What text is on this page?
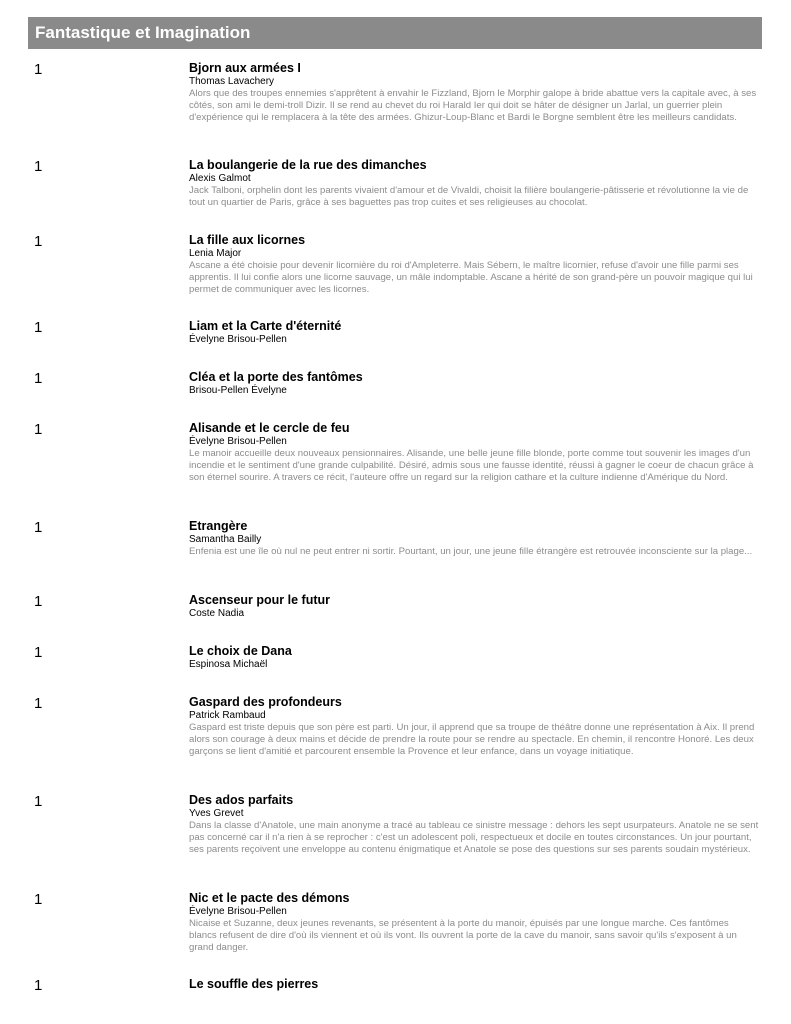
Fantastique et Imagination
1	Bjorn aux armées I
Thomas Lavachery
Alors que des troupes ennemies s'apprêtent à envahir le Fizzland, Bjorn le Morphir galope à bride abattue vers la capitale avec, à ses côtés, son ami le demi-troll Dizir. Il se rend au chevet du roi Harald Ier qui doit se hâter de désigner un Jarlal, un guerrier plein d'expérience qui le remplacera à la tête des armées. Ghizur-Loup-Blanc et Bardi le Borgne semblent être les meilleurs candidats.
1	La boulangerie de la rue des dimanches
Alexis Galmot
Jack Talboni, orphelin dont les parents vivaient d'amour et de Vivaldi, choisit la filière boulangerie-pâtisserie et révolutionne la vie de tout un quartier de Paris, grâce à ses baguettes pas trop cuites et ses religieuses au chocolat.
1	La fille aux licornes
Lenia Major
Ascane a été choisie pour devenir licornière du roi d'Ampleterre. Mais Sébern, le maître licornier, refuse d'avoir une fille parmi ses apprentis. Il lui confie alors une licorne sauvage, un mâle indomptable. Ascane a hérité de son grand-père un pouvoir magique qui lui permet de communiquer avec les licornes.
1	Liam et la Carte d'éternité
Évelyne Brisou-Pellen
1	Cléa et la porte des fantômes
Brisou-Pellen Évelyne
1	Alisande et le cercle de feu
Évelyne Brisou-Pellen
Le manoir accueille deux nouveaux pensionnaires. Alisande, une belle jeune fille blonde, porte comme tout souvenir les images d'un incendie et le sentiment d'une grande culpabilité. Désiré, admis sous une fausse identité, réussi à gagner le coeur de chacun grâce à son éternel sourire. A travers ce récit, l'auteure offre un regard sur la religion cathare et la culture indienne d'Amérique du Nord.
1	Etrangère
Samantha Bailly
Enfenia est une île où nul ne peut entrer ni sortir. Pourtant, un jour, une jeune fille étrangère est retrouvée inconsciente sur la plage...
1	Ascenseur pour le futur
Coste Nadia
1	Le choix de Dana
Espinosa Michaël
1	Gaspard des profondeurs
Patrick Rambaud
Gaspard est triste depuis que son père est parti. Un jour, il apprend que sa troupe de théâtre donne une représentation à Aix. Il prend alors son courage à deux mains et décide de prendre la route pour se rendre au spectacle. En chemin, il rencontre Honoré. Les deux garçons se lient d'amitié et parcourent ensemble la Provence et leur enfance, dans un voyage initiatique.
1	Des ados parfaits
Yves Grevet
Dans la classe d'Anatole, une main anonyme a tracé au tableau ce sinistre message : dehors les sept usurpateurs. Anatole ne se sent pas concerné car il n'a rien à se reprocher : c'est un adolescent poli, respectueux et docile en toutes circonstances. Un jour pourtant, ses parents reçoivent une enveloppe au contenu énigmatique et Anatole se pose des questions sur ses parents soudain mystérieux.
1	Nic et le pacte des démons
Évelyne Brisou-Pellen
Nicaise et Suzanne, deux jeunes revenants, se présentent à la porte du manoir, épuisés par une longue marche. Ces fantômes blancs refusent de dire d'où ils viennent et où ils vont. Ils ouvrent la porte de la cave du manoir, sans savoir qu'ils s'exposent à un grand danger.
1	Le souffle des pierres
